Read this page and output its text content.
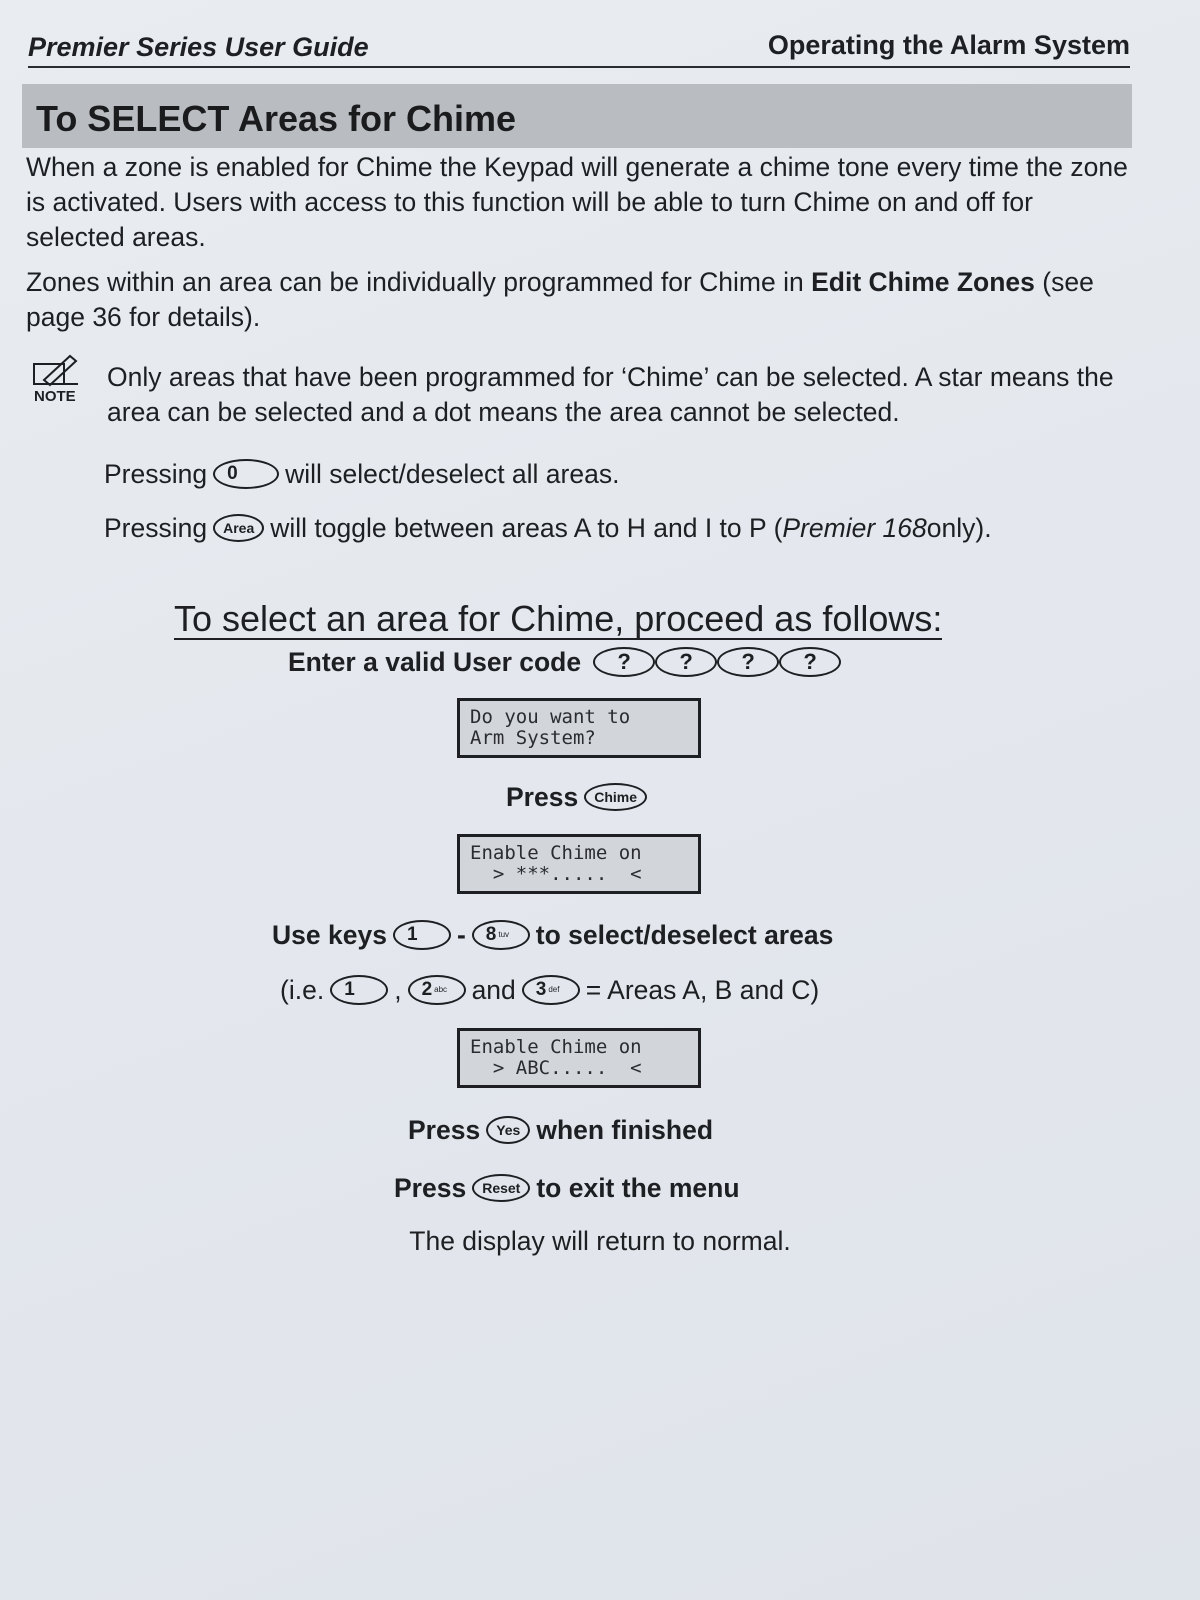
Premier Series User Guide	Operating the Alarm System
To SELECT Areas for Chime
When a zone is enabled for Chime the Keypad will generate a chime tone every time the zone is activated. Users with access to this function will be able to turn Chime on and off for selected areas.
Zones within an area can be individually programmed for Chime in Edit Chime Zones (see page 36 for details).
NOTE
Only areas that have been programmed for ‘Chime’ can be selected. A star means the area can be selected and a dot means the area cannot be selected.
Pressing 0 will select/deselect all areas.
Pressing	Area will toggle between areas A to H and I to P ( Premier 168 only).
To select an area for Chime, proceed as follows:
Enter a valid User code	?	?	?	?
Do you want to
Arm System?
Press	Chime
Enable Chime on
> ***.....  <
Use keys 1 - 8 tuv to select/deselect areas
(i.e. 1 , 2 abc and 3 def = Areas A, B and C)
Enable Chime on
> ABC.....  <
Press	Yes when finished
Press	Reset to exit the menu
The display will return to normal.
